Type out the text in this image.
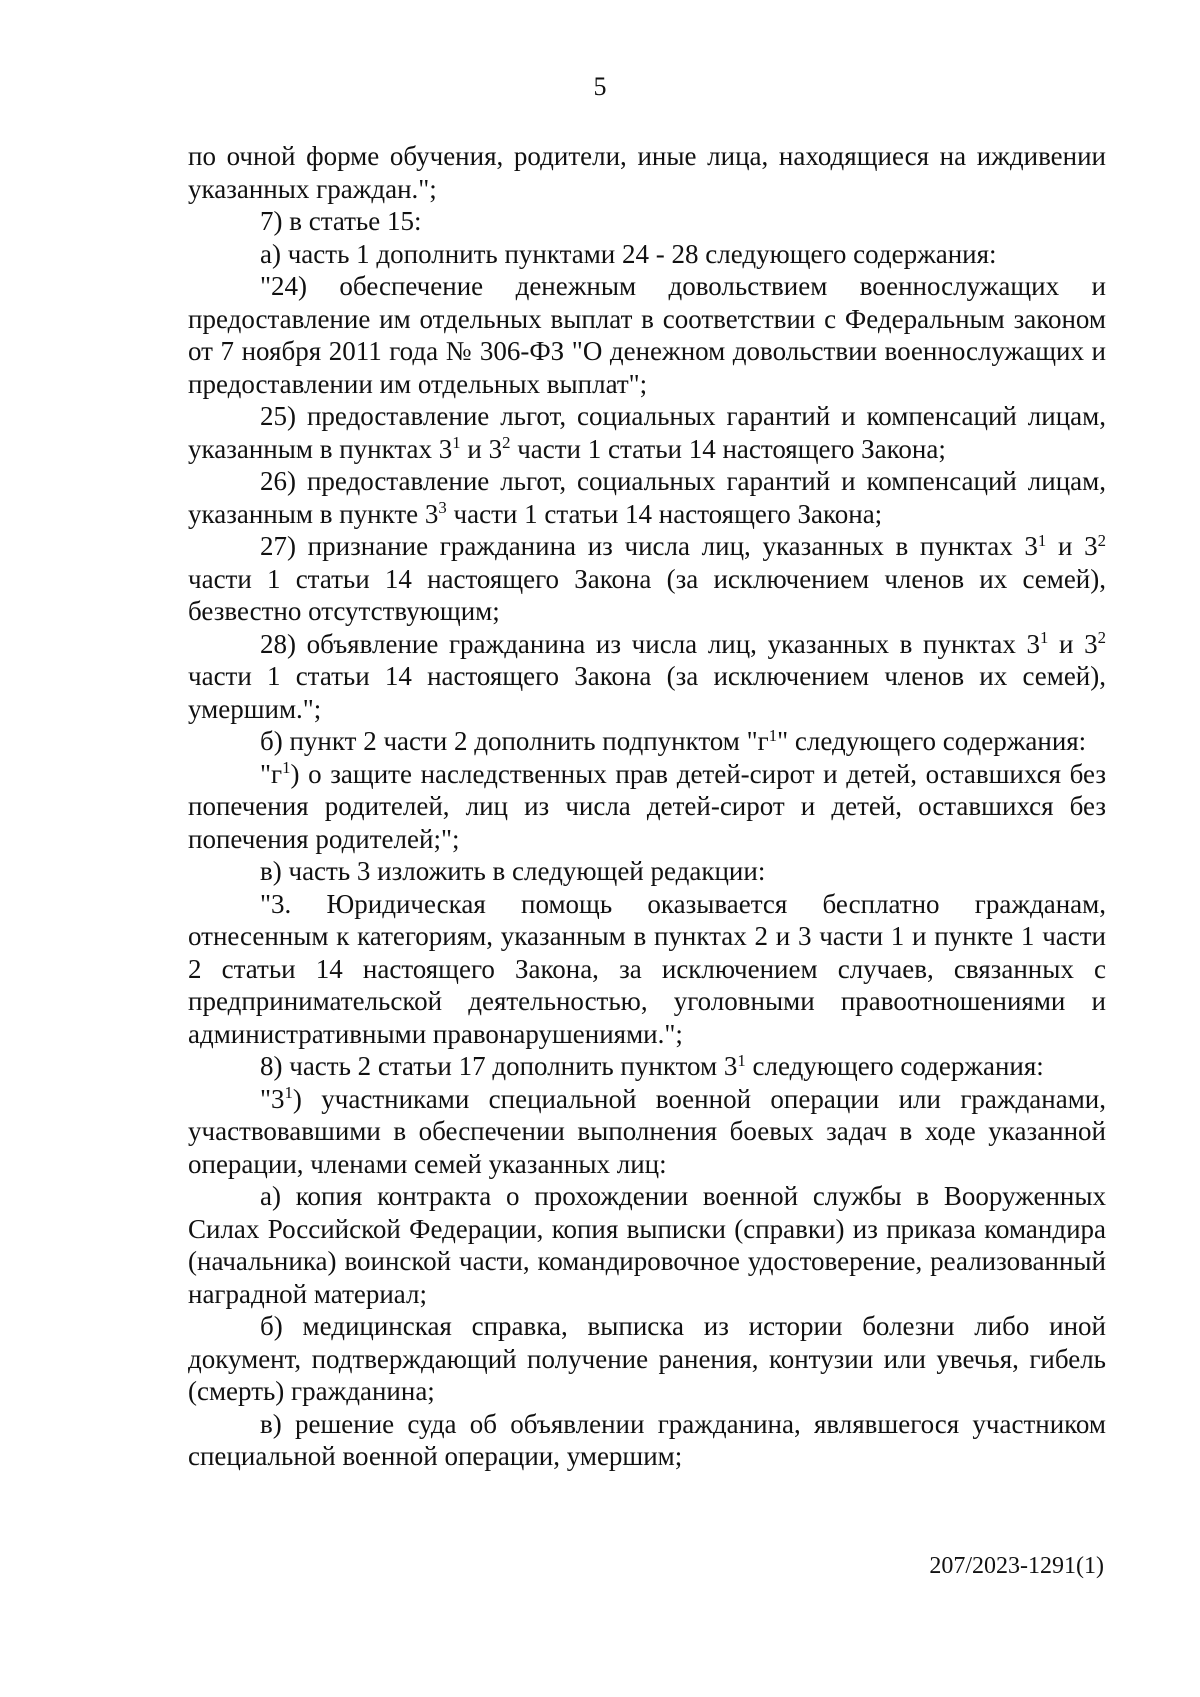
5

по очной форме обучения, родители, иные лица, находящиеся на иждивении указанных граждан.";

7) в статье 15:

а) часть 1 дополнить пунктами 24 - 28 следующего содержания:

"24) обеспечение денежным довольствием военнослужащих и предоставление им отдельных выплат в соответствии с Федеральным законом от 7 ноября 2011 года № 306-ФЗ "О денежном довольствии военнослужащих и предоставлении им отдельных выплат";

25) предоставление льгот, социальных гарантий и компенсаций лицам, указанным в пунктах $3^1$ и $3^2$ части 1 статьи 14 настоящего Закона;

26) предоставление льгот, социальных гарантий и компенсаций лицам, указанным в пункте $3^3$ части 1 статьи 14 настоящего Закона;

27) признание гражданина из числа лиц, указанных в пунктах $3^1$ и $3^2$ части 1 статьи 14 настоящего Закона (за исключением членов их семей), безвестно отсутствующим;

28) объявление гражданина из числа лиц, указанных в пунктах $3^1$ и $3^2$ части 1 статьи 14 настоящего Закона (за исключением членов их семей), умершим.";

б) пункт 2 части 2 дополнить подпунктом "$г^1$" следующего содержания:

"$г^1$) о защите наследственных прав детей-сирот и детей, оставшихся без попечения родителей, лиц из числа детей-сирот и детей, оставшихся без попечения родителей;";

в) часть 3 изложить в следующей редакции:

"3. Юридическая помощь оказывается бесплатно гражданам, отнесенным к категориям, указанным в пунктах 2 и 3 части 1 и пункте 1 части 2 статьи 14 настоящего Закона, за исключением случаев, связанных с предпринимательской деятельностью, уголовными правоотношениями и административными правонарушениями.";

8) часть 2 статьи 17 дополнить пунктом $3^1$ следующего содержания:

"$3^1$) участниками специальной военной операции или гражданами, участвовавшими в обеспечении выполнения боевых задач в ходе указанной операции, членами семей указанных лиц:

а) копия контракта о прохождении военной службы в Вооруженных Силах Российской Федерации, копия выписки (справки) из приказа командира (начальника) воинской части, командировочное удостоверение, реализованный наградной материал;

б) медицинская справка, выписка из истории болезни либо иной документ, подтверждающий получение ранения, контузии или увечья, гибель (смерть) гражданина;

в) решение суда об объявлении гражданина, являвшегося участником специальной военной операции, умершим;

207/2023-1291(1)
